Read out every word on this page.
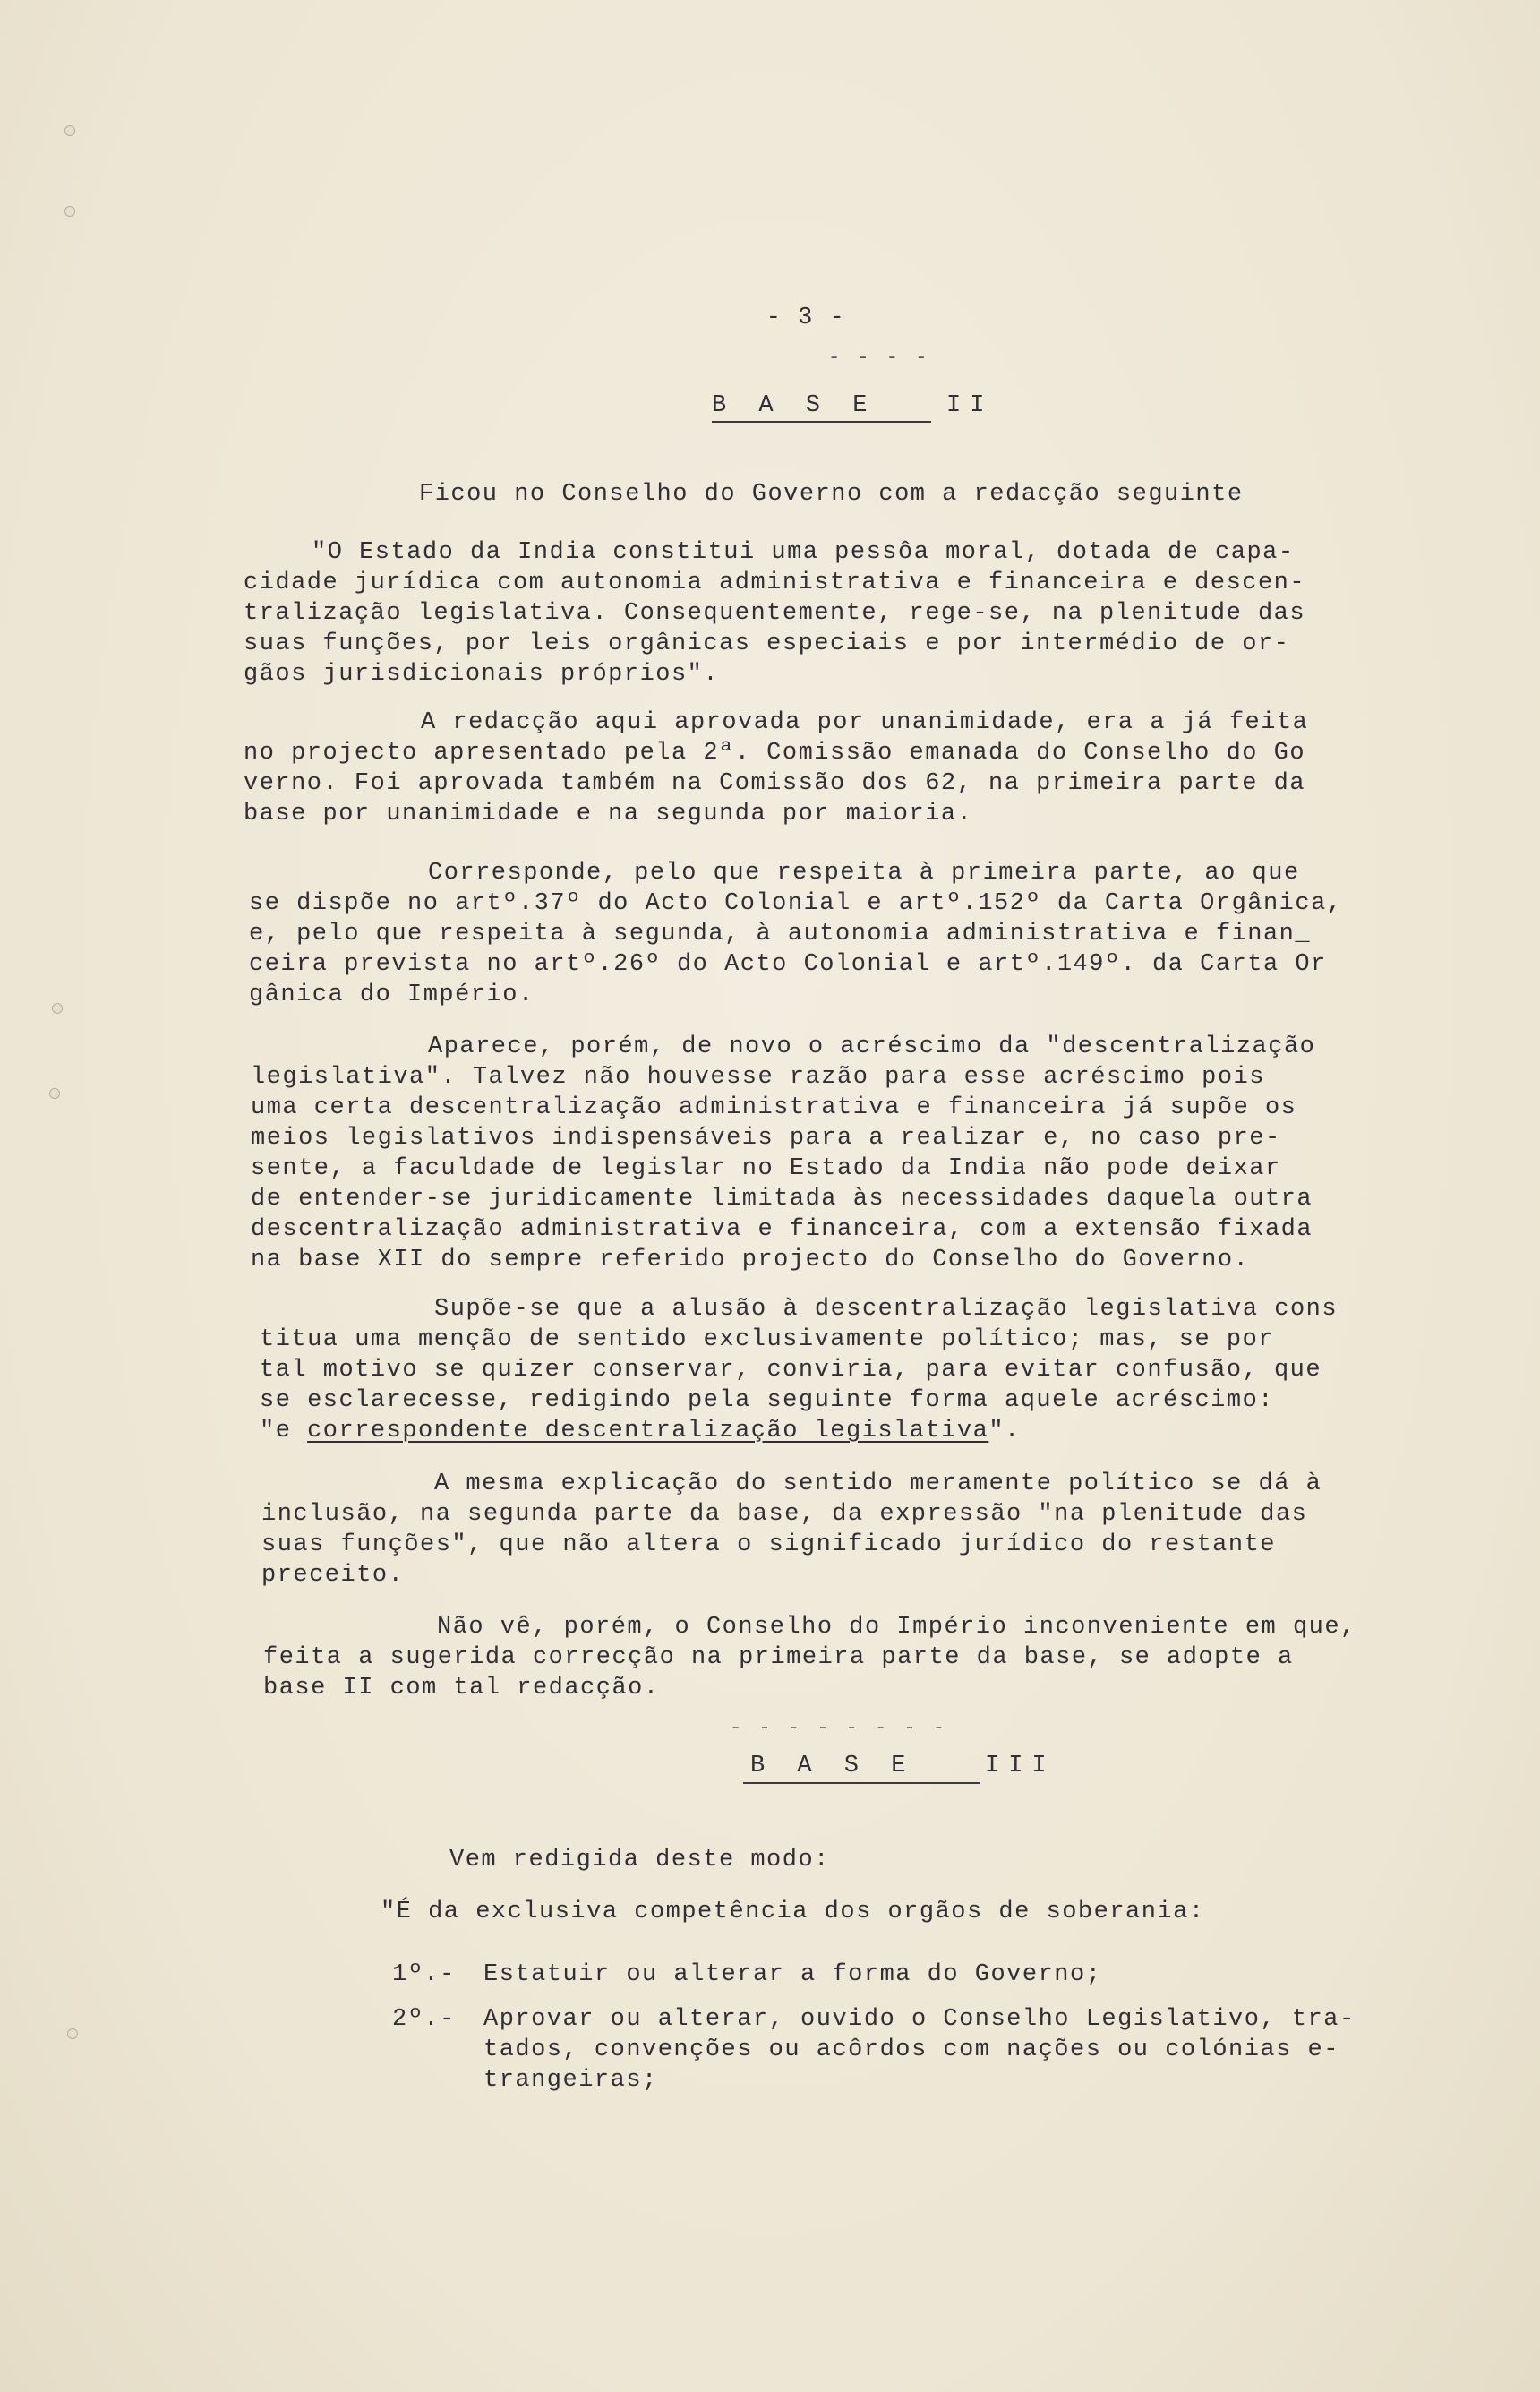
- 3 -
- - - -
B A S E   II
Ficou no Conselho do Governo com a redacção seguinte
"O Estado da India constitui uma pessôa moral, dotada de capa-
cidade jurídica com autonomia administrativa e financeira e descen-
tralização legislativa. Consequentemente, rege-se, na plenitude das
suas funções, por leis orgânicas especiais e por intermédio de or-
gãos jurisdicionais próprios".
A redacção aqui aprovada por unanimidade, era a já feita
no projecto apresentado pela 2ª. Comissão emanada do Conselho do Go
verno. Foi aprovada também na Comissão dos 62, na primeira parte da
base por unanimidade e na segunda por maioria.
Corresponde, pelo que respeita à primeira parte, ao que
se dispõe no artº.37º do Acto Colonial e artº.152º da Carta Orgânica,
e, pelo que respeita à segunda, à autonomia administrativa e finan_
ceira prevista no artº.26º do Acto Colonial e artº.149º. da Carta Or
gânica do Império.
Aparece, porém, de novo o acréscimo da "descentralização
legislativa". Talvez não houvesse razão para esse acréscimo pois
uma certa descentralização administrativa e financeira já supõe os
meios legislativos indispensáveis para a realizar e, no caso pre-
sente, a faculdade de legislar no Estado da India não pode deixar
de entender-se juridicamente limitada às necessidades daquela outra
descentralização administrativa e financeira, com a extensão fixada
na base XII do sempre referido projecto do Conselho do Governo.
Supõe-se que a alusão à descentralização legislativa cons
titua uma menção de sentido exclusivamente político; mas, se por
tal motivo se quizer conservar, conviria, para evitar confusão, que
se esclarecesse, redigindo pela seguinte forma aquele acréscimo:
"e correspondente descentralização legislativa".
A mesma explicação do sentido meramente político se dá à
inclusão, na segunda parte da base, da expressão "na plenitude das
suas funções", que não altera o significado jurídico do restante
preceito.
Não vê, porém, o Conselho do Império inconveniente em que,
feita a sugerida correcção na primeira parte da base, se adopte a
base II com tal redacção.
- - - - - - - -
B A S E   III
Vem redigida deste modo:
"É da exclusiva competência dos orgãos de soberania:
1º.- Estatuir ou alterar a forma do Governo;
2º.- Aprovar ou alterar, ouvido o Conselho Legislativo, tra-
tados, convenções ou acôrdos com nações ou colónias e-
trangeiras;
